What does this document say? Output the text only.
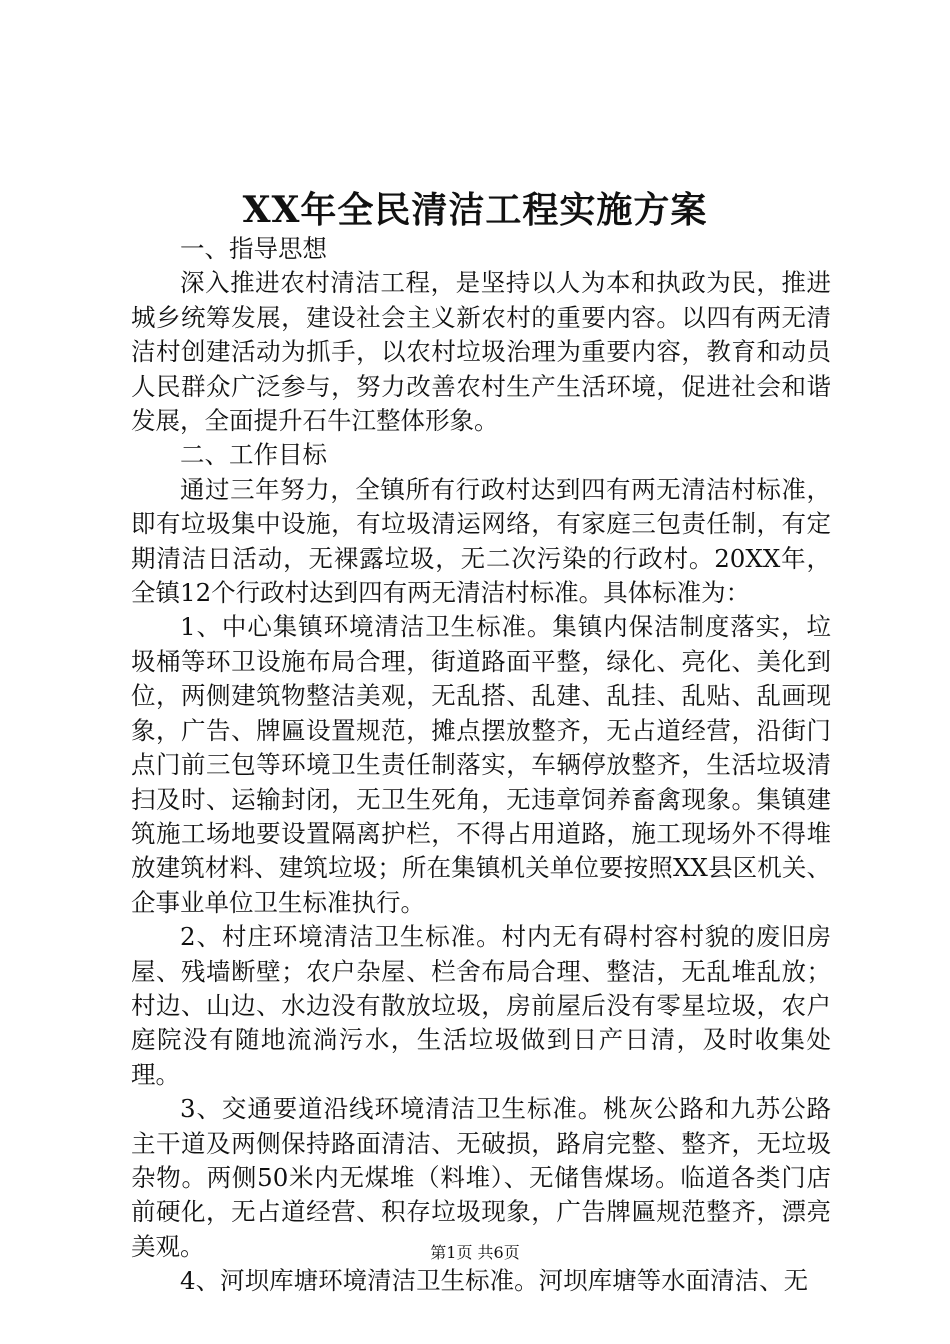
XX年全民清洁工程实施方案

一、指导思想

深入推进农村清洁工程，是坚持以人为本和执政为民，推进城乡统筹发展，建设社会主义新农村的重要内容。以四有两无清洁村创建活动为抓手，以农村垃圾治理为重要内容，教育和动员人民群众广泛参与，努力改善农村生产生活环境，促进社会和谐发展，全面提升石牛江整体形象。

二、工作目标

通过三年努力，全镇所有行政村达到四有两无清洁村标准，即有垃圾集中设施，有垃圾清运网络，有家庭三包责任制，有定期清洁日活动，无裸露垃圾，无二次污染的行政村。20XX年，全镇12个行政村达到四有两无清洁村标准。具体标准为：

1、中心集镇环境清洁卫生标准。集镇内保洁制度落实，垃圾桶等环卫设施布局合理，街道路面平整，绿化、亮化、美化到位，两侧建筑物整洁美观，无乱搭、乱建、乱挂、乱贴、乱画现象，广告、牌匾设置规范，摊点摆放整齐，无占道经营，沿街门点门前三包等环境卫生责任制落实，车辆停放整齐，生活垃圾清扫及时、运输封闭，无卫生死角，无违章饲养畜禽现象。集镇建筑施工场地要设置隔离护栏，不得占用道路，施工现场外不得堆放建筑材料、建筑垃圾；所在集镇机关单位要按照XX县区机关、企事业单位卫生标准执行。

2、村庄环境清洁卫生标准。村内无有碍村容村貌的废旧房屋、残墙断壁；农户杂屋、栏舍布局合理、整洁，无乱堆乱放；村边、山边、水边没有散放垃圾，房前屋后没有零星垃圾，农户庭院没有随地流淌污水，生活垃圾做到日产日清，及时收集处理。

3、交通要道沿线环境清洁卫生标准。桃灰公路和九苏公路主干道及两侧保持路面清洁、无破损，路肩完整、整齐，无垃圾杂物。两侧50米内无煤堆（料堆）、无储售煤场。临道各类门店前硬化，无占道经营、积存垃圾现象，广告牌匾规范整齐，漂亮美观。

4、河坝库塘环境清洁卫生标准。河坝库塘等水面清洁、无

第1页 共6页
